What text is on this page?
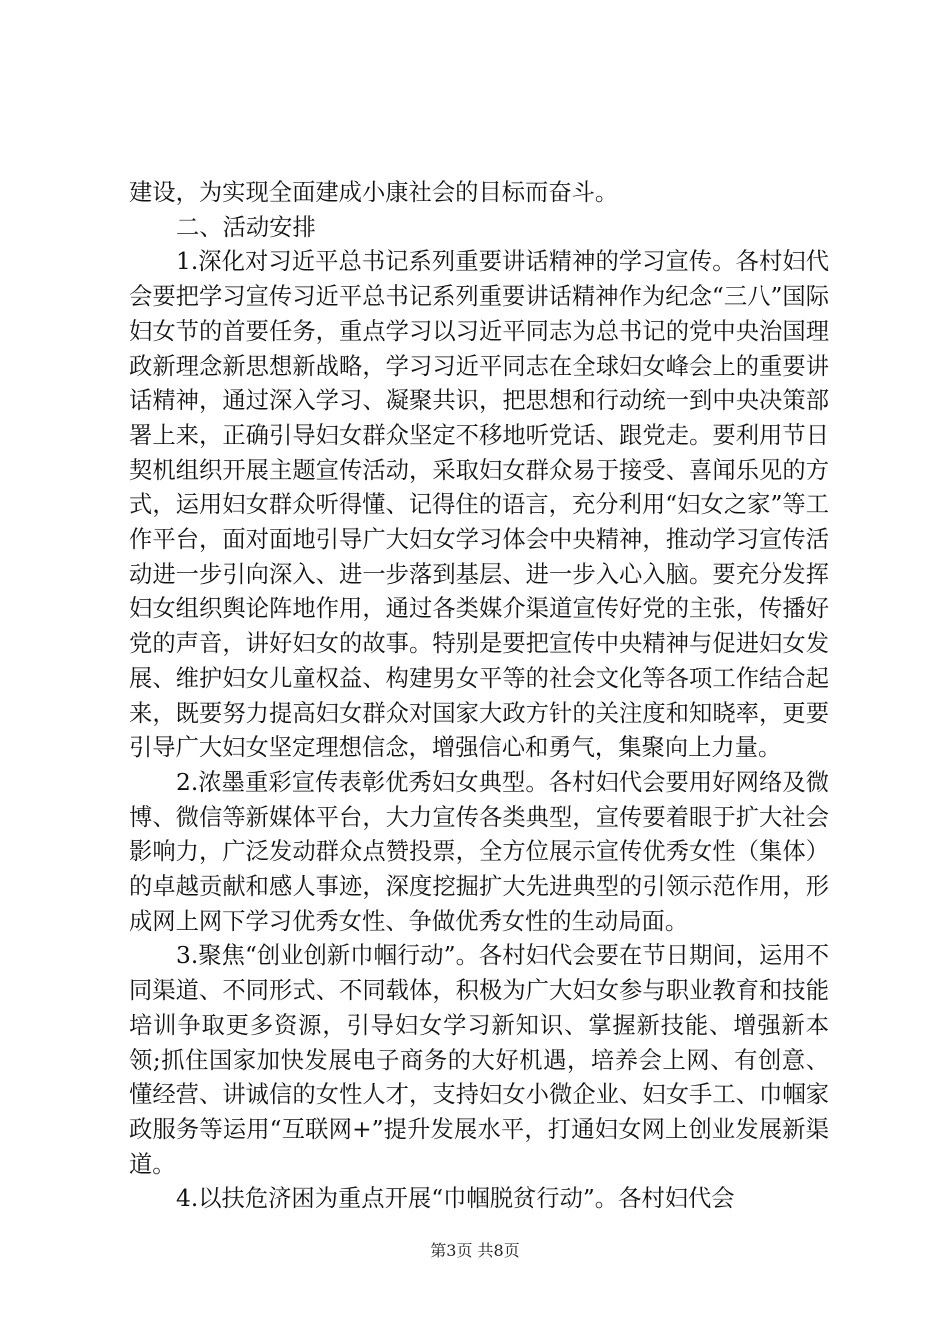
建设，为实现全面建成小康社会的目标而奋斗。

二、活动安排

1.深化对习近平总书记系列重要讲话精神的学习宣传。各村妇代会要把学习宣传习近平总书记系列重要讲话精神作为纪念“三八”国际妇女节的首要任务，重点学习以习近平同志为总书记的党中央治国理政新理念新思想新战略，学习习近平同志在全球妇女峰会上的重要讲话精神，通过深入学习、凝聚共识，把思想和行动统一到中央决策部署上来，正确引导妇女群众坚定不移地听党话、跟党走。要利用节日契机组织开展主题宣传活动，采取妇女群众易于接受、喜闻乐见的方式，运用妇女群众听得懂、记得住的语言，充分利用“妇女之家”等工作平台，面对面地引导广大妇女学习体会中央精神，推动学习宣传活动进一步引向深入、进一步落到基层、进一步入心入脑。要充分发挥妇女组织舆论阵地作用，通过各类媒介渠道宣传好党的主张，传播好党的声音，讲好妇女的故事。特别是要把宣传中央精神与促进妇女发展、维护妇女儿童权益、构建男女平等的社会文化等各项工作结合起来，既要努力提高妇女群众对国家大政方针的关注度和知晓率，更要引导广大妇女坚定理想信念，增强信心和勇气，集聚向上力量。

2.浓墨重彩宣传表彰优秀妇女典型。各村妇代会要用好网络及微博、微信等新媒体平台，大力宣传各类典型，宣传要着眼于扩大社会影响力，广泛发动群众点赞投票，全方位展示宣传优秀女性（集体）的卓越贡献和感人事迹，深度挖掘扩大先进典型的引领示范作用，形成网上网下学习优秀女性、争做优秀女性的生动局面。

3.聚焦“创业创新巾帼行动”。各村妇代会要在节日期间，运用不同渠道、不同形式、不同载体，积极为广大妇女参与职业教育和技能培训争取更多资源，引导妇女学习新知识、掌握新技能、增强新本领;抓住国家加快发展电子商务的大好机遇，培养会上网、有创意、懂经营、讲诚信的女性人才，支持妇女小微企业、妇女手工、巾帼家政服务等运用“互联网+”提升发展水平，打通妇女网上创业发展新渠道。

4.以扶危济困为重点开展“巾帼脱贫行动”。各村妇代会

第3页 共8页
